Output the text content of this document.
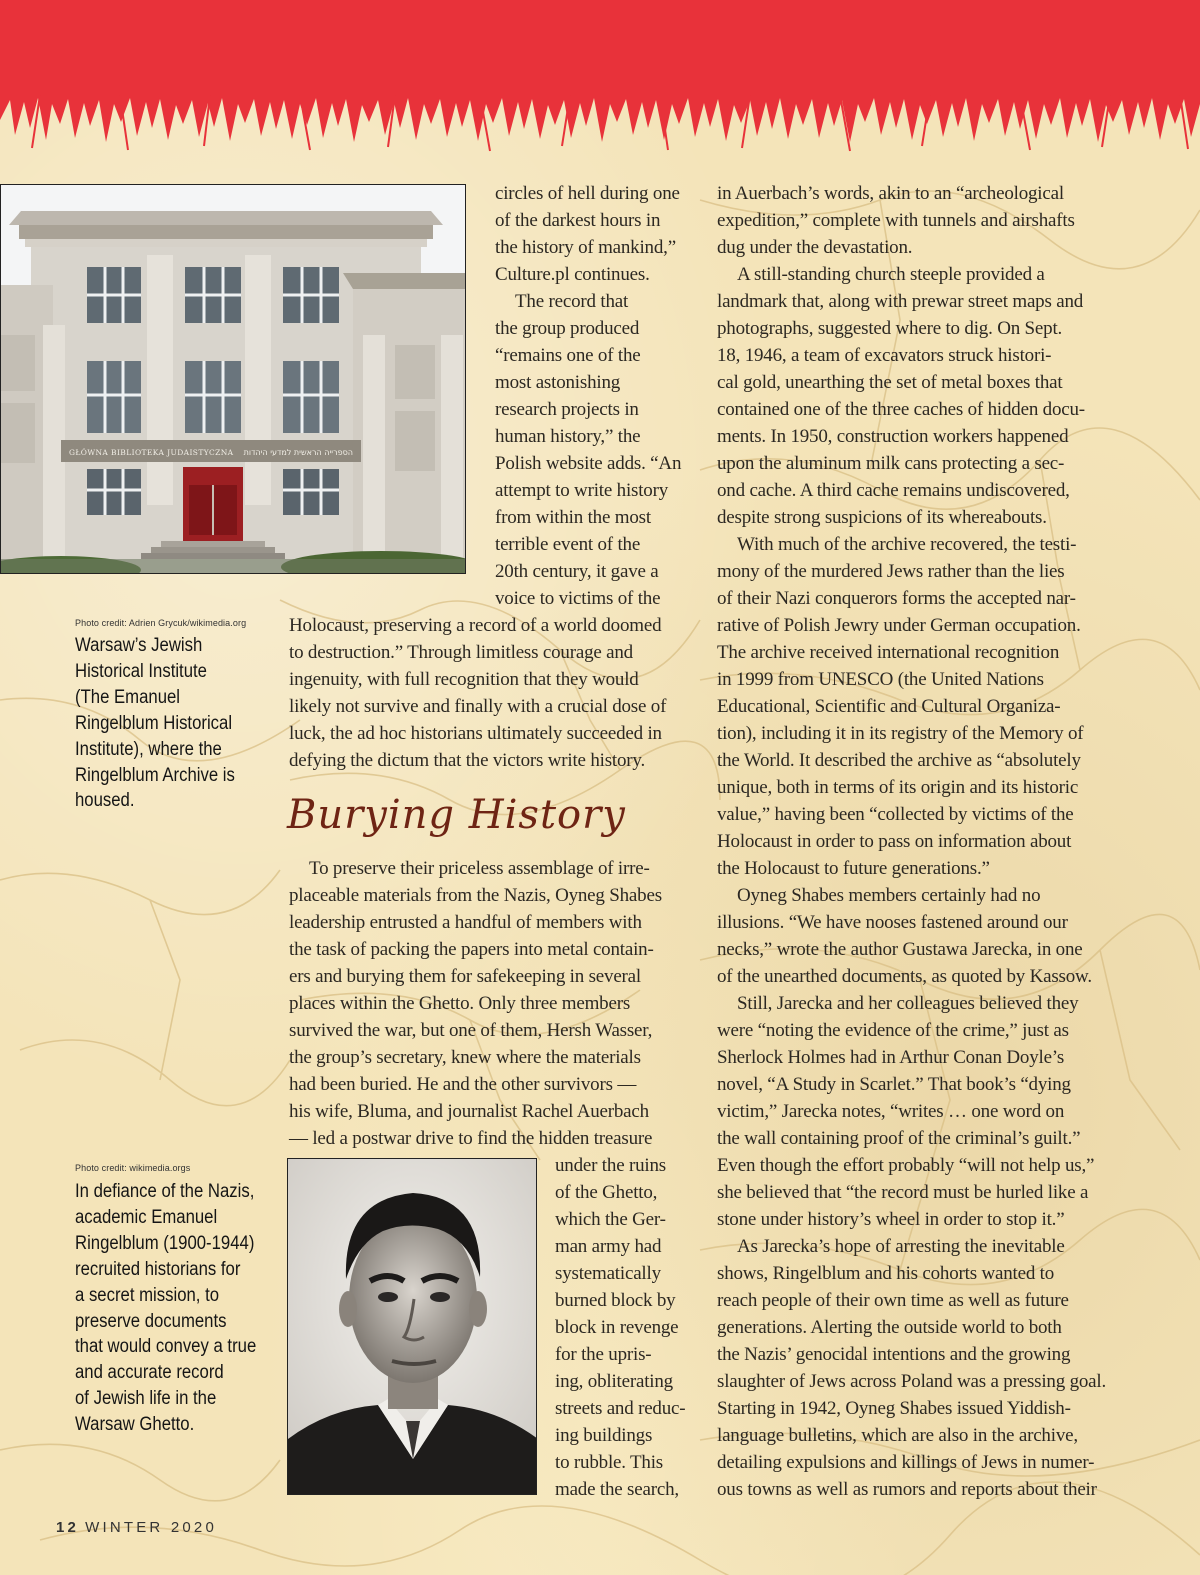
GŁÓWNA BIBLIOTEKA JUDAISTYCZNA הספרייה הראשית למדעי היהדות
Photo credit: Adrien Grycuk/wikimedia.org
Warsaw’s Jewish
Historical Institute
(The Emanuel
Ringelblum Historical
Institute), where the
Ringelblum Archive is
housed.
Photo credit: wikimedia.orgs
In defiance of the Nazis,
academic Emanuel
Ringelblum (1900-1944)
recruited historians for
a secret mission, to
preserve documents
that would convey a true
and accurate record
of Jewish life in the
Warsaw Ghetto.
circles of hell during one
of the darkest hours in
the history of mankind,”
Culture.pl continues.
The record that
the group produced
“remains one of the
most astonishing
research projects in
human history,” the
Polish website adds. “An
attempt to write history
from within the most
terrible event of the
20th century, it gave a
voice to victims of the
Holocaust, preserving a record of a world doomed
to destruction.” Through limitless courage and
ingenuity, with full recognition that they would
likely not survive and finally with a crucial dose of
luck, the ad hoc historians ultimately succeeded in
defying the dictum that the victors write history.
Burying History
To preserve their priceless assemblage of irre-
placeable materials from the Nazis, Oyneg Shabes
leadership entrusted a handful of members with
the task of packing the papers into metal contain-
ers and burying them for safekeeping in several
places within the Ghetto. Only three members
survived the war, but one of them, Hersh Wasser,
the group’s secretary, knew where the materials
had been buried. He and the other survivors —
his wife, Bluma, and journalist Rachel Auerbach
— led a postwar drive to find the hidden treasure
under the ruins
of the Ghetto,
which the Ger-
man army had
systematically
burned block by
block in revenge
for the upris-
ing, obliterating
streets and reduc-
ing buildings
to rubble. This
made the search,
in Auerbach’s words, akin to an “archeological
expedition,” complete with tunnels and airshafts
dug under the devastation.
A still-standing church steeple provided a
landmark that, along with prewar street maps and
photographs, suggested where to dig. On Sept.
18, 1946, a team of excavators struck histori-
cal gold, unearthing the set of metal boxes that
contained one of the three caches of hidden docu-
ments. In 1950, construction workers happened
upon the aluminum milk cans protecting a sec-
ond cache. A third cache remains undiscovered,
despite strong suspicions of its whereabouts.
With much of the archive recovered, the testi-
mony of the murdered Jews rather than the lies
of their Nazi conquerors forms the accepted nar-
rative of Polish Jewry under German occupation.
The archive received international recognition
in 1999 from UNESCO (the United Nations
Educational, Scientific and Cultural Organiza-
tion), including it in its registry of the Memory of
the World. It described the archive as “absolutely
unique, both in terms of its origin and its historic
value,” having been “collected by victims of the
Holocaust in order to pass on information about
the Holocaust to future generations.”
Oyneg Shabes members certainly had no
illusions. “We have nooses fastened around our
necks,” wrote the author Gustawa Jarecka, in one
of the unearthed documents, as quoted by Kassow.
Still, Jarecka and her colleagues believed they
were “noting the evidence of the crime,” just as
Sherlock Holmes had in Arthur Conan Doyle’s
novel, “A Study in Scarlet.” That book’s “dying
victim,” Jarecka notes, “writes … one word on
the wall containing proof of the criminal’s guilt.”
Even though the effort probably “will not help us,”
she believed that “the record must be hurled like a
stone under history’s wheel in order to stop it.”
As Jarecka’s hope of arresting the inevitable
shows, Ringelblum and his cohorts wanted to
reach people of their own time as well as future
generations. Alerting the outside world to both
the Nazis’ genocidal intentions and the growing
slaughter of Jews across Poland was a pressing goal.
Starting in 1942, Oyneg Shabes issued Yiddish-
language bulletins, which are also in the archive,
detailing expulsions and killings of Jews in numer-
ous towns as well as rumors and reports about their
12 WINTER 2020
